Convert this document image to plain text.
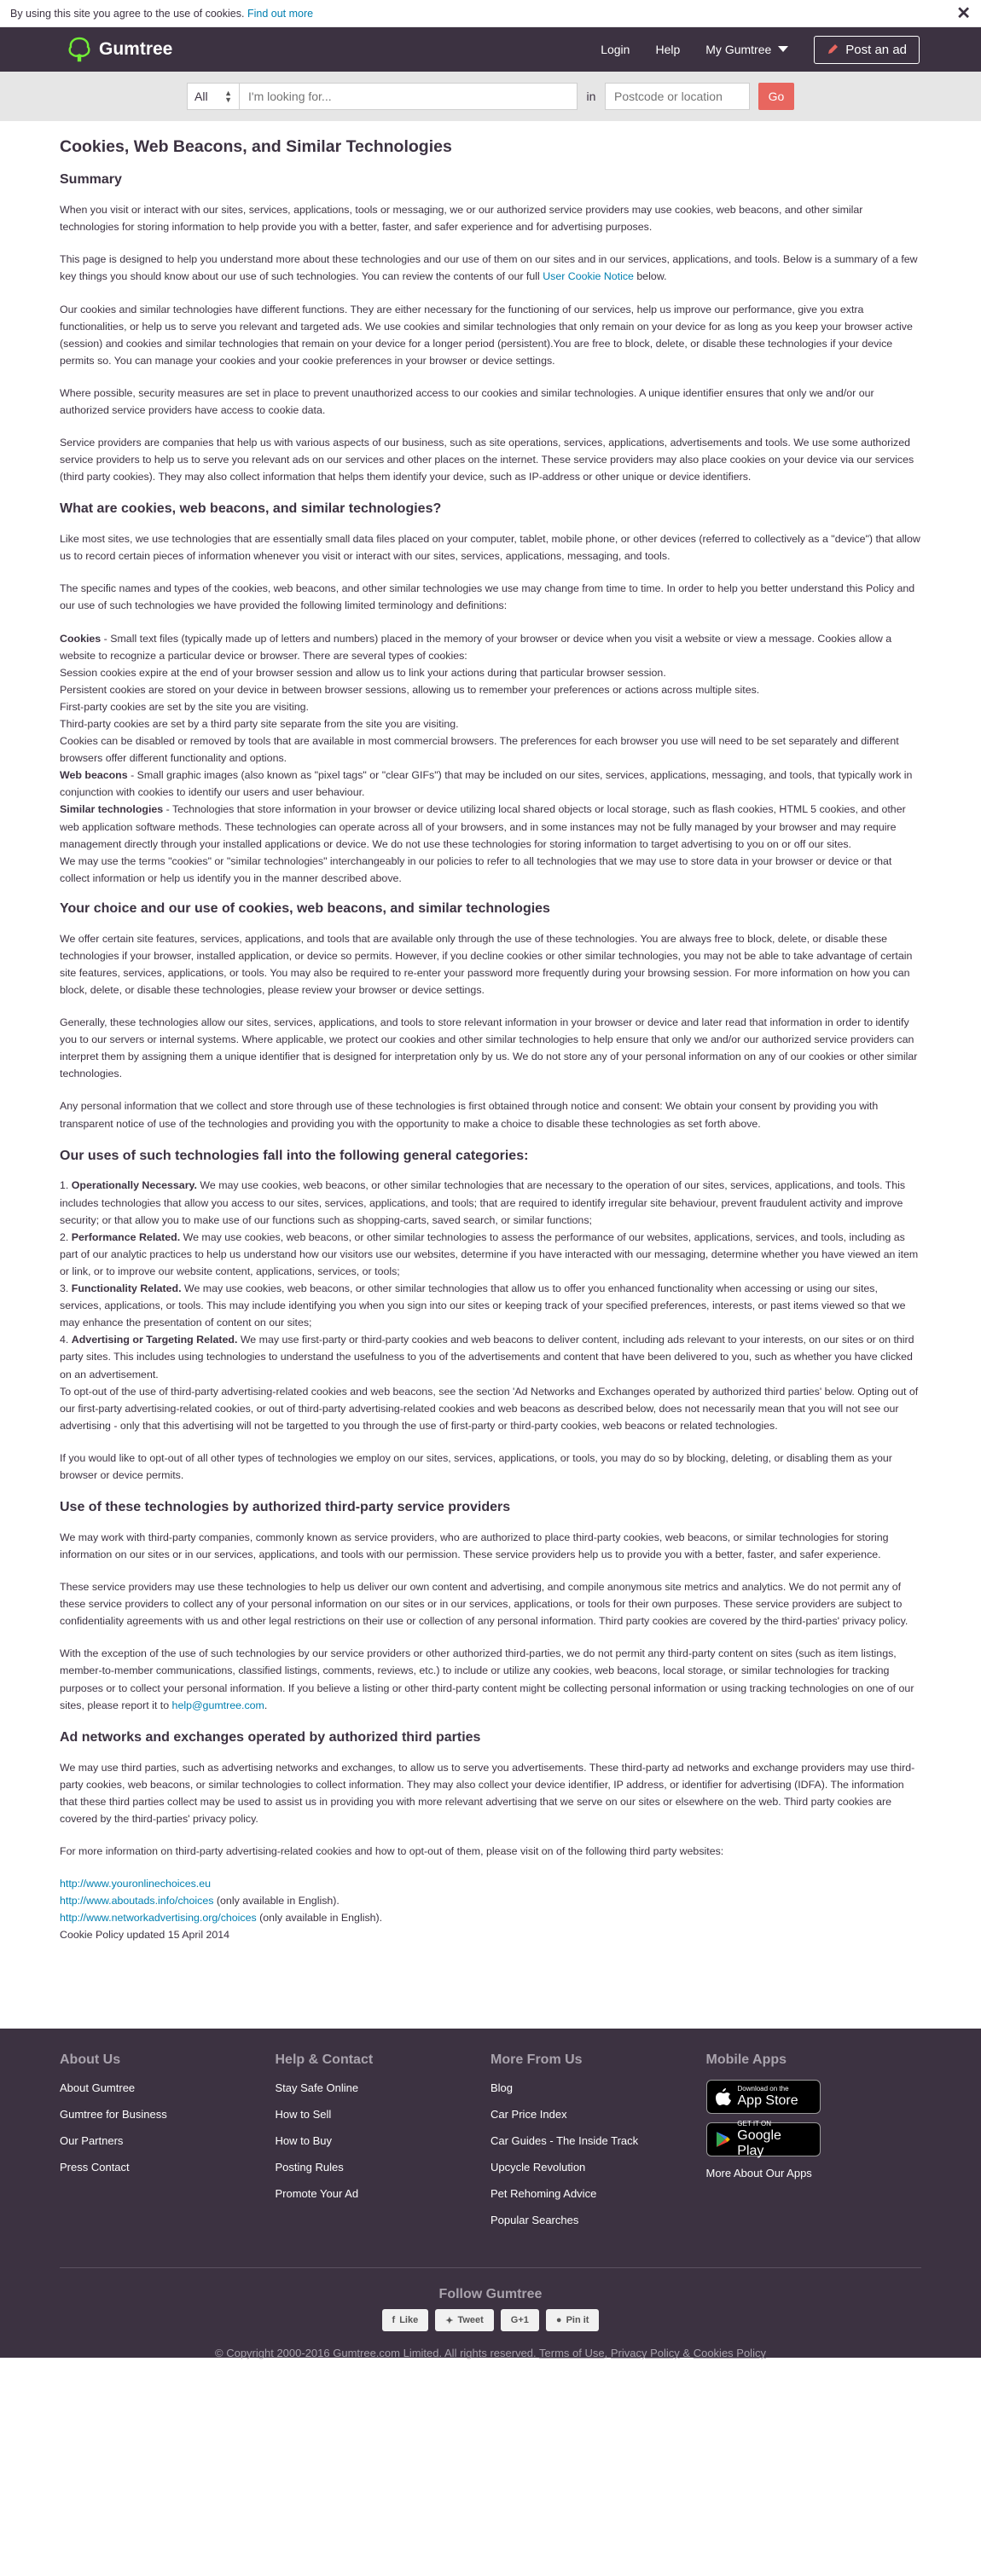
By using this site you agree to the use of cookies.
Find out more	✕
Gumtree	Login Help My Gumtree	Post an ad
All ▲
▼
I'm looking for...	in
Postcode or location	Go
Cookies, Web Beacons, and Similar Technologies
Summary

When you visit or interact with our sites, services, applications, tools or messaging, we or our authorized service providers may use cookies, web beacons, and other similar technologies for storing information to help provide you with a better, faster, and safer experience and for advertising purposes.

This page is designed to help you understand more about these technologies and our use of them on our sites and in our services, applications, and tools. Below is a summary of a few key things you should know about our use of such technologies. You can review the contents of our full User Cookie Notice below.

Our cookies and similar technologies have different functions. They are either necessary for the functioning of our services, help us improve our performance, give you extra functionalities, or help us to serve you relevant and targeted ads. We use cookies and similar technologies that only remain on your device for as long as you keep your browser active (session) and cookies and similar technologies that remain on your device for a longer period (persistent).You are free to block, delete, or disable these technologies if your device permits so. You can manage your cookies and your cookie preferences in your browser or device settings.

Where possible, security measures are set in place to prevent unauthorized access to our cookies and similar technologies. A unique identifier ensures that only we and/or our authorized service providers have access to cookie data.

Service providers are companies that help us with various aspects of our business, such as site operations, services, applications, advertisements and tools. We use some authorized service providers to help us to serve you relevant ads on our services and other places on the internet. These service providers may also place cookies on your device via our services (third party cookies). They may also collect information that helps them identify your device, such as IP-address or other unique or device identifiers.

What are cookies, web beacons, and similar technologies?

Like most sites, we use technologies that are essentially small data files placed on your computer, tablet, mobile phone, or other devices (referred to collectively as a "device") that allow us to record certain pieces of information whenever you visit or interact with our sites, services, applications, messaging, and tools.

The specific names and types of the cookies, web beacons, and other similar technologies we use may change from time to time. In order to help you better understand this Policy and our use of such technologies we have provided the following limited terminology and definitions:

Cookies - Small text files (typically made up of letters and numbers) placed in the memory of your browser or device when you visit a website or view a message. Cookies allow a website to recognize a particular device or browser. There are several types of cookies:

Session cookies expire at the end of your browser session and allow us to link your actions during that particular browser session.

Persistent cookies are stored on your device in between browser sessions, allowing us to remember your preferences or actions across multiple sites.

First-party cookies are set by the site you are visiting.

Third-party cookies are set by a third party site separate from the site you are visiting.

Cookies can be disabled or removed by tools that are available in most commercial browsers. The preferences for each browser you use will need to be set separately and different browsers offer different functionality and options.

Web beacons - Small graphic images (also known as "pixel tags" or "clear GIFs") that may be included on our sites, services, applications, messaging, and tools, that typically work in conjunction with cookies to identify our users and user behaviour.

Similar technologies - Technologies that store information in your browser or device utilizing local shared objects or local storage, such as flash cookies, HTML 5 cookies, and other web application software methods. These technologies can operate across all of your browsers, and in some instances may not be fully managed by your browser and may require management directly through your installed applications or device. We do not use these technologies for storing information to target advertising to you on or off our sites.

We may use the terms "cookies" or "similar technologies" interchangeably in our policies to refer to all technologies that we may use to store data in your browser or device or that collect information or help us identify you in the manner described above.

Your choice and our use of cookies, web beacons, and similar technologies

We offer certain site features, services, applications, and tools that are available only through the use of these technologies. You are always free to block, delete, or disable these technologies if your browser, installed application, or device so permits. However, if you decline cookies or other similar technologies, you may not be able to take advantage of certain site features, services, applications, or tools. You may also be required to re-enter your password more frequently during your browsing session. For more information on how you can block, delete, or disable these technologies, please review your browser or device settings.

Generally, these technologies allow our sites, services, applications, and tools to store relevant information in your browser or device and later read that information in order to identify you to our servers or internal systems. Where applicable, we protect our cookies and other similar technologies to help ensure that only we and/or our authorized service providers can interpret them by assigning them a unique identifier that is designed for interpretation only by us. We do not store any of your personal information on any of our cookies or other similar technologies.

Any personal information that we collect and store through use of these technologies is first obtained through notice and consent: We obtain your consent by providing you with transparent notice of use of the technologies and providing you with the opportunity to make a choice to disable these technologies as set forth above.

Our uses of such technologies fall into the following general categories:

1. Operationally Necessary. We may use cookies, web beacons, or other similar technologies that are necessary to the operation of our sites, services, applications, and tools. This includes technologies that allow you access to our sites, services, applications, and tools; that are required to identify irregular site behaviour, prevent fraudulent activity and improve security; or that allow you to make use of our functions such as shopping-carts, saved search, or similar functions;

2. Performance Related. We may use cookies, web beacons, or other similar technologies to assess the performance of our websites, applications, services, and tools, including as part of our analytic practices to help us understand how our visitors use our websites, determine if you have interacted with our messaging, determine whether you have viewed an item or link, or to improve our website content, applications, services, or tools;

3. Functionality Related. We may use cookies, web beacons, or other similar technologies that allow us to offer you enhanced functionality when accessing or using our sites, services, applications, or tools. This may include identifying you when you sign into our sites or keeping track of your specified preferences, interests, or past items viewed so that we may enhance the presentation of content on our sites;

4. Advertising or Targeting Related. We may use first-party or third-party cookies and web beacons to deliver content, including ads relevant to your interests, on our sites or on third party sites. This includes using technologies to understand the usefulness to you of the advertisements and content that have been delivered to you, such as whether you have clicked on an advertisement.

To opt-out of the use of third-party advertising-related cookies and web beacons, see the section 'Ad Networks and Exchanges operated by authorized third parties' below. Opting out of our first-party advertising-related cookies, or out of third-party advertising-related cookies and web beacons as described below, does not necessarily mean that you will not see our advertising - only that this advertising will not be targetted to you through the use of first-party or third-party cookies, web beacons or related technologies.

If you would like to opt-out of all other types of technologies we employ on our sites, services, applications, or tools, you may do so by blocking, deleting, or disabling them as your browser or device permits.

Use of these technologies by authorized third-party service providers

We may work with third-party companies, commonly known as service providers, who are authorized to place third-party cookies, web beacons, or similar technologies for storing information on our sites or in our services, applications, and tools with our permission. These service providers help us to provide you with a better, faster, and safer experience.

These service providers may use these technologies to help us deliver our own content and advertising, and compile anonymous site metrics and analytics. We do not permit any of these service providers to collect any of your personal information on our sites or in our services, applications, or tools for their own purposes. These service providers are subject to confidentiality agreements with us and other legal restrictions on their use or collection of any personal information. Third party cookies are covered by the third-parties' privacy policy.

With the exception of the use of such technologies by our service providers or other authorized third-parties, we do not permit any third-party content on sites (such as item listings, member-to-member communications, classified listings, comments, reviews, etc.) to include or utilize any cookies, web beacons, local storage, or similar technologies for tracking purposes or to collect your personal information. If you believe a listing or other third-party content might be collecting personal information or using tracking technologies on one of our sites, please report it to help@gumtree.com.

Ad networks and exchanges operated by authorized third parties

We may use third parties, such as advertising networks and exchanges, to allow us to serve you advertisements. These third-party ad networks and exchange providers may use third-party cookies, web beacons, or similar technologies to collect information. They may also collect your device identifier, IP address, or identifier for advertising (IDFA). The information that these third parties collect may be used to assist us in providing you with more relevant advertising that we serve on our sites or elsewhere on the web. Third party cookies are covered by the third-parties' privacy policy.

For more information on third-party advertising-related cookies and how to opt-out of them, please visit on of the following third party websites:

http://www.youronlinechoices.eu

http://www.aboutads.info/choices (only available in English).

http://www.networkadvertising.org/choices (only available in English).

Cookie Policy updated 15 April 2014

About Us
About Gumtree
Gumtree for Business
Our Partners
Press Contact
Help & Contact
Stay Safe Online
How to Sell
How to Buy
Posting Rules
Promote Your Ad
More From Us
Blog
Car Price Index
Car Guides - The Inside Track
Upcycle Revolution
Pet Rehoming Advice
Popular Searches
Mobile Apps
Download on the
App Store
GET IT ON
Google Play
More About Our Apps
Follow Gumtree
f Like	✦ Tweet	G+1	● Pin it
© Copyright 2000-2016 Gumtree.com Limited. All rights reserved. Terms of Use, Privacy Policy & Cookies Policy
